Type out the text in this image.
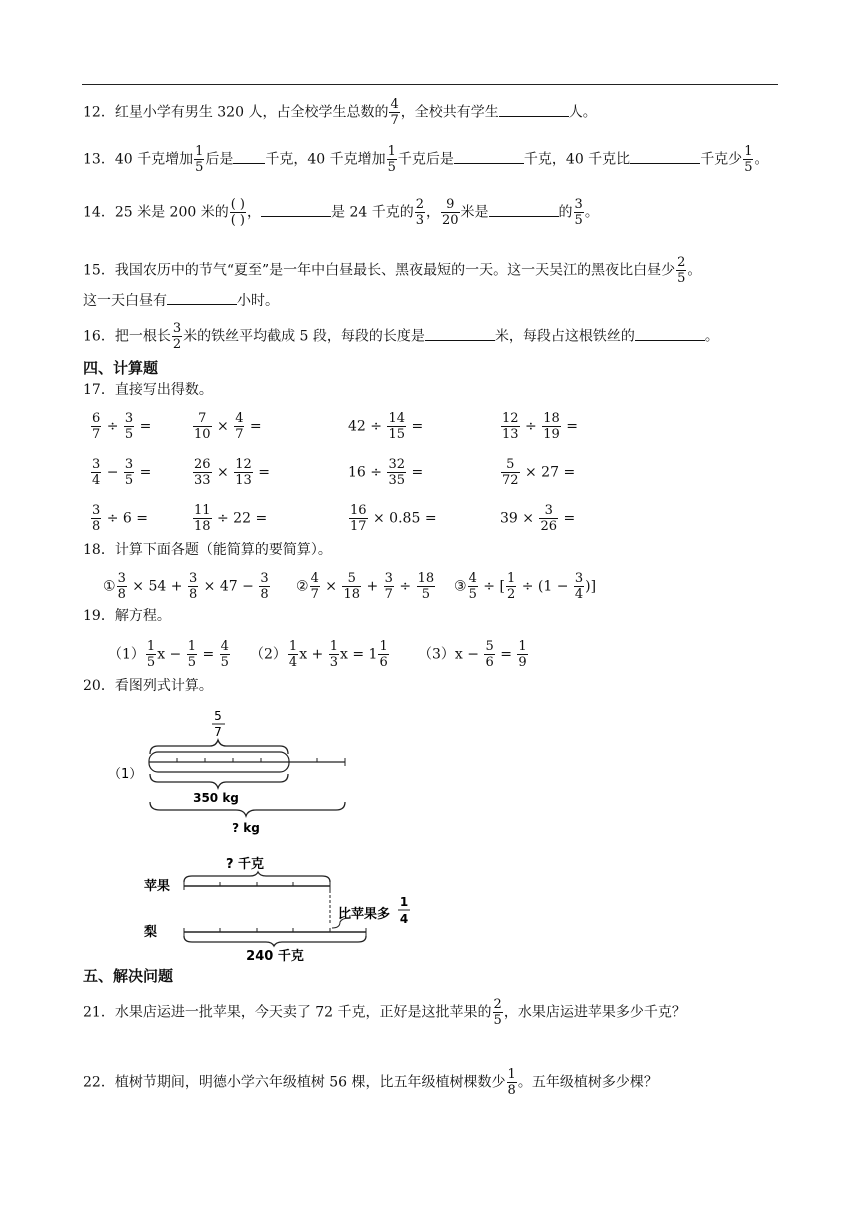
12．红星小学有男生 320 人，占全校学生总数的 $\frac{4}{7}$ ，全校共有学生	人。
13．40 千克增加 $\frac{1}{5}$ 后是 千克，40 千克增加 $\frac{1}{5}$ 千克后是	千克，40 千克比	千克少 $\frac{1}{5}$ 。
14．25 米是 200 米的 $\frac{( )}{( )}$ ，	是 24 千克的 $\frac{2}{3}$ ， $\frac{9}{20}$ 米是	的 $\frac{3}{5}$ 。
15．我国农历中的节气“夏至”是一年中白昼最长、黑夜最短的一天。这一天吴江的黑夜比白昼少 $\frac{2}{5}$ 。
这一天白昼有	小时。
16．把一根长 $\frac{3}{2}$ 米的铁丝平均截成 5 段，每段的长度是	米，每段占这根铁丝的	。
四、计算题
17．直接写出得数。
$\frac{6}{7} \div \frac{3}{5}$ =	$\frac{7}{10} \times \frac{4}{7}$ =	$42 \div \frac{14}{15}$ =	$\frac{12}{13} \div \frac{18}{19}$ =
$\frac{3}{4} - \frac{3}{5}$ =	$\frac{26}{33} \times \frac{12}{13}$ =	$16 \div \frac{32}{35}$ =	$\frac{5}{72} \times 27$ =
$\frac{3}{8} \div 6$ =	$\frac{11}{18} \div 22$ =	$\frac{16}{17} \times 0.85$ =	$39 \times \frac{3}{26}$ =
18．计算下面各题（能简算的要简算）。
① $\frac{3}{8} \times 54 + \frac{3}{8} \times 47 - \frac{3}{8}$ ② $\frac{4}{7} \times \frac{5}{18} + \frac{3}{7} \div \frac{18}{5}$ ③ $\frac{4}{5}$ ÷ [ $\frac{1}{2} \div (1 - \frac{3}{4}$ )]
19．解方程。
$(1) \frac{1}{5}$ $x - \frac{1}{5} = \frac{4}{5} (2) \frac{1}{4}$ $x + \frac{1}{3}$ $x = 1 \frac{1}{6} (3)x - \frac{5}{6} = \frac{1}{9}$
20．看图列式计算。
（1）
5
7
350 kg
? kg
? 千克
苹果
比苹果多
1
4
梨
240 千克
五、解决问题
21．水果店运进一批苹果，今天卖了 72 千克，正好是这批苹果的 $\frac{2}{5}$ ，水果店运进苹果多少千克？
22．植树节期间，明德小学六年级植树 56 棵，比五年级植树棵数少 $\frac{1}{8}$ 。五年级植树多少棵？
